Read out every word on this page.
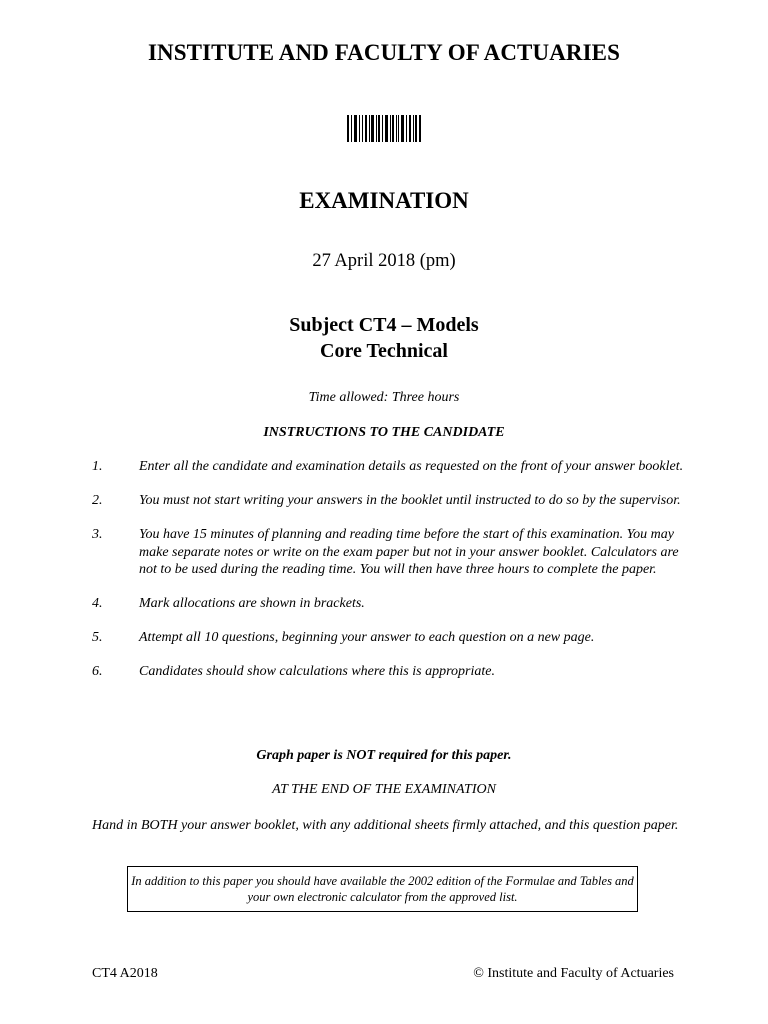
INSTITUTE AND FACULTY OF ACTUARIES
EXAMINATION
27 April 2018 (pm)
Subject CT4 – Models
Core Technical
Time allowed: Three hours
INSTRUCTIONS TO THE CANDIDATE
1.	Enter all the candidate and examination details as requested on the front of your answer booklet.
2.	You must not start writing your answers in the booklet until instructed to do so by the supervisor.
3.	You have 15 minutes of planning and reading time before the start of this examination. You may make separate notes or write on the exam paper but not in your answer booklet. Calculators are not to be used during the reading time. You will then have three hours to complete the paper.
4.	Mark allocations are shown in brackets.
5.	Attempt all 10 questions, beginning your answer to each question on a new page.
6.	Candidates should show calculations where this is appropriate.
Graph paper is NOT required for this paper.
AT THE END OF THE EXAMINATION
Hand in BOTH your answer booklet, with any additional sheets firmly attached, and this question paper.
In addition to this paper you should have available the 2002 edition of the Formulae and Tables and your own electronic calculator from the approved list.
CT4 A2018	© Institute and Faculty of Actuaries
